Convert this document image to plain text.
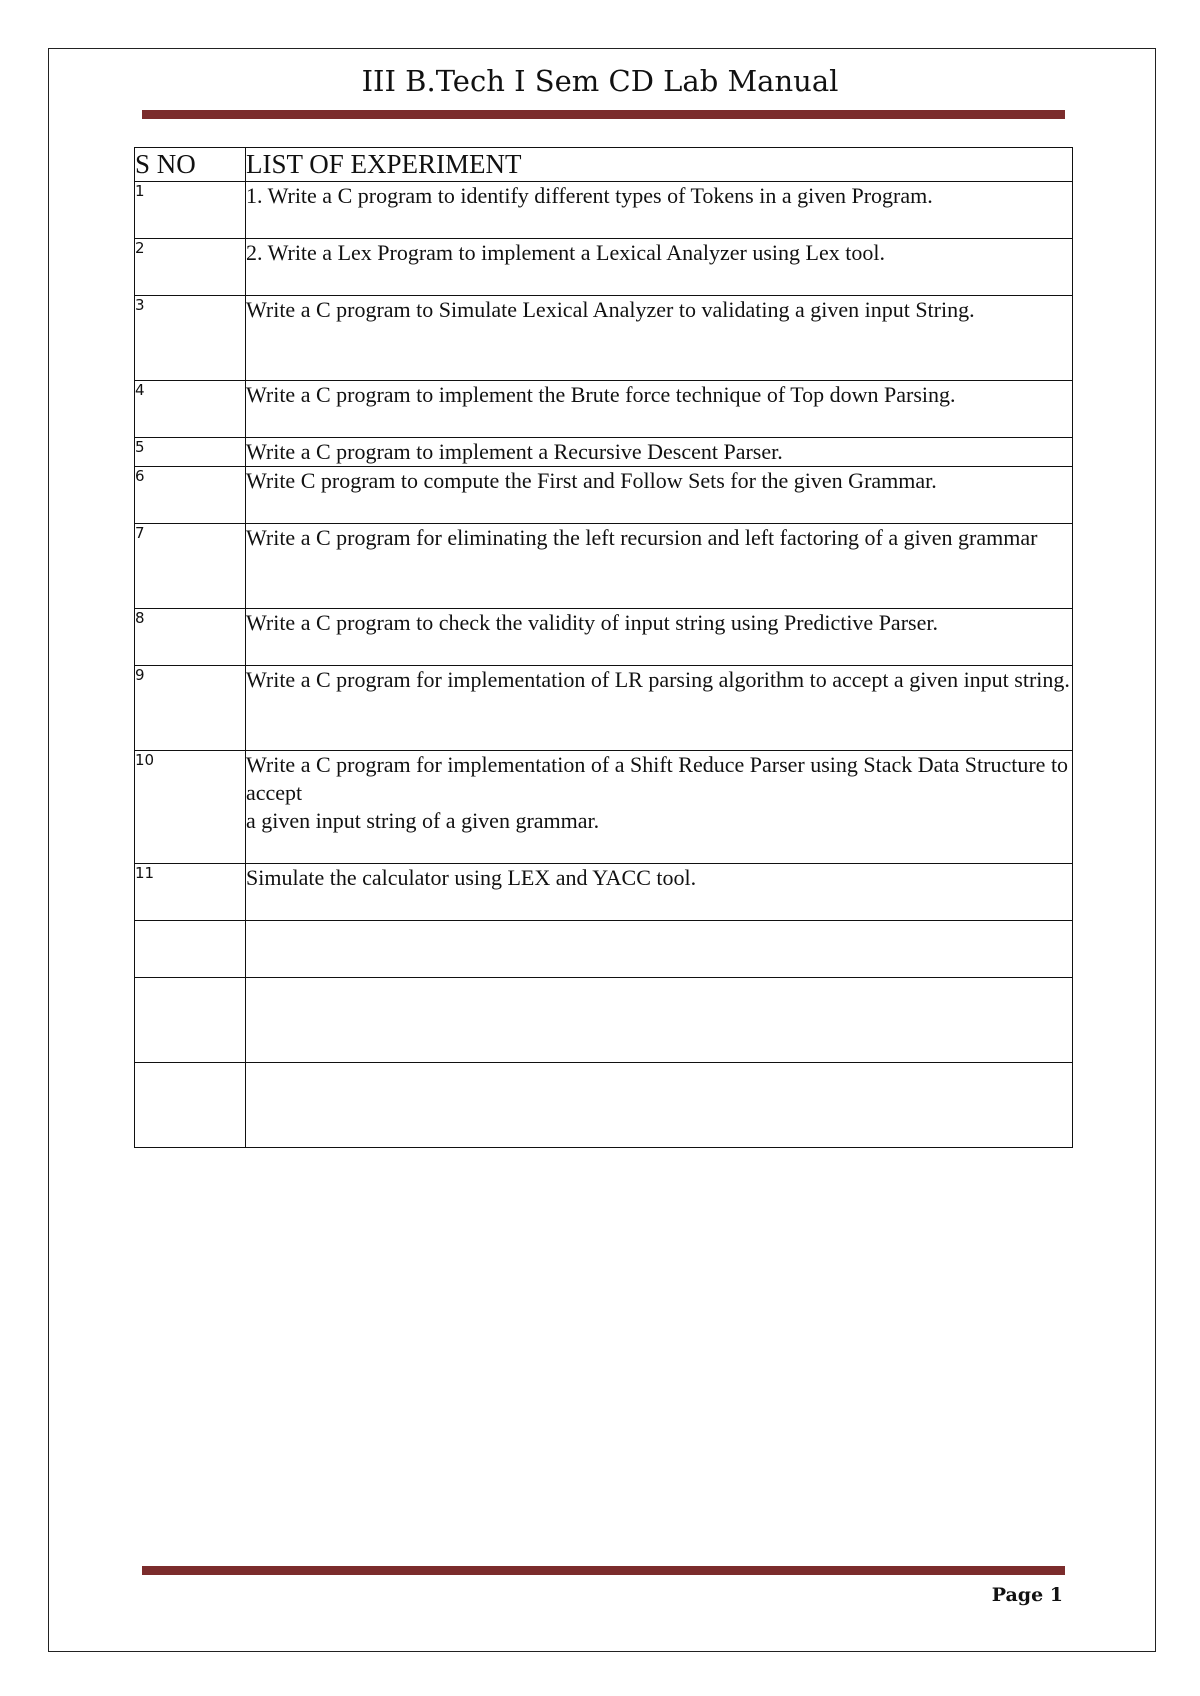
III B.Tech I Sem CD Lab Manual
S NO	LIST OF EXPERIMENT
1	1. Write a C program to identify different types of Tokens in a given Program.
2	2. Write a Lex Program to implement a Lexical Analyzer using Lex tool.
3	Write a C program to Simulate Lexical Analyzer to validating a given input String.
4	Write a C program to implement the Brute force technique of Top down Parsing.
5	Write a C program to implement a Recursive Descent Parser.
6	Write C program to compute the First and Follow Sets for the given Grammar.
7	Write a C program for eliminating the left recursion and left factoring of a given grammar
8	Write a C program to check the validity of input string using Predictive Parser.
9	Write a C program for implementation of LR parsing algorithm to accept a given input string.
10	Write a C program for implementation of a Shift Reduce Parser using Stack Data Structure to accept
a given input string of a given grammar.
11	Simulate the calculator using LEX and YACC tool.

Page 1
